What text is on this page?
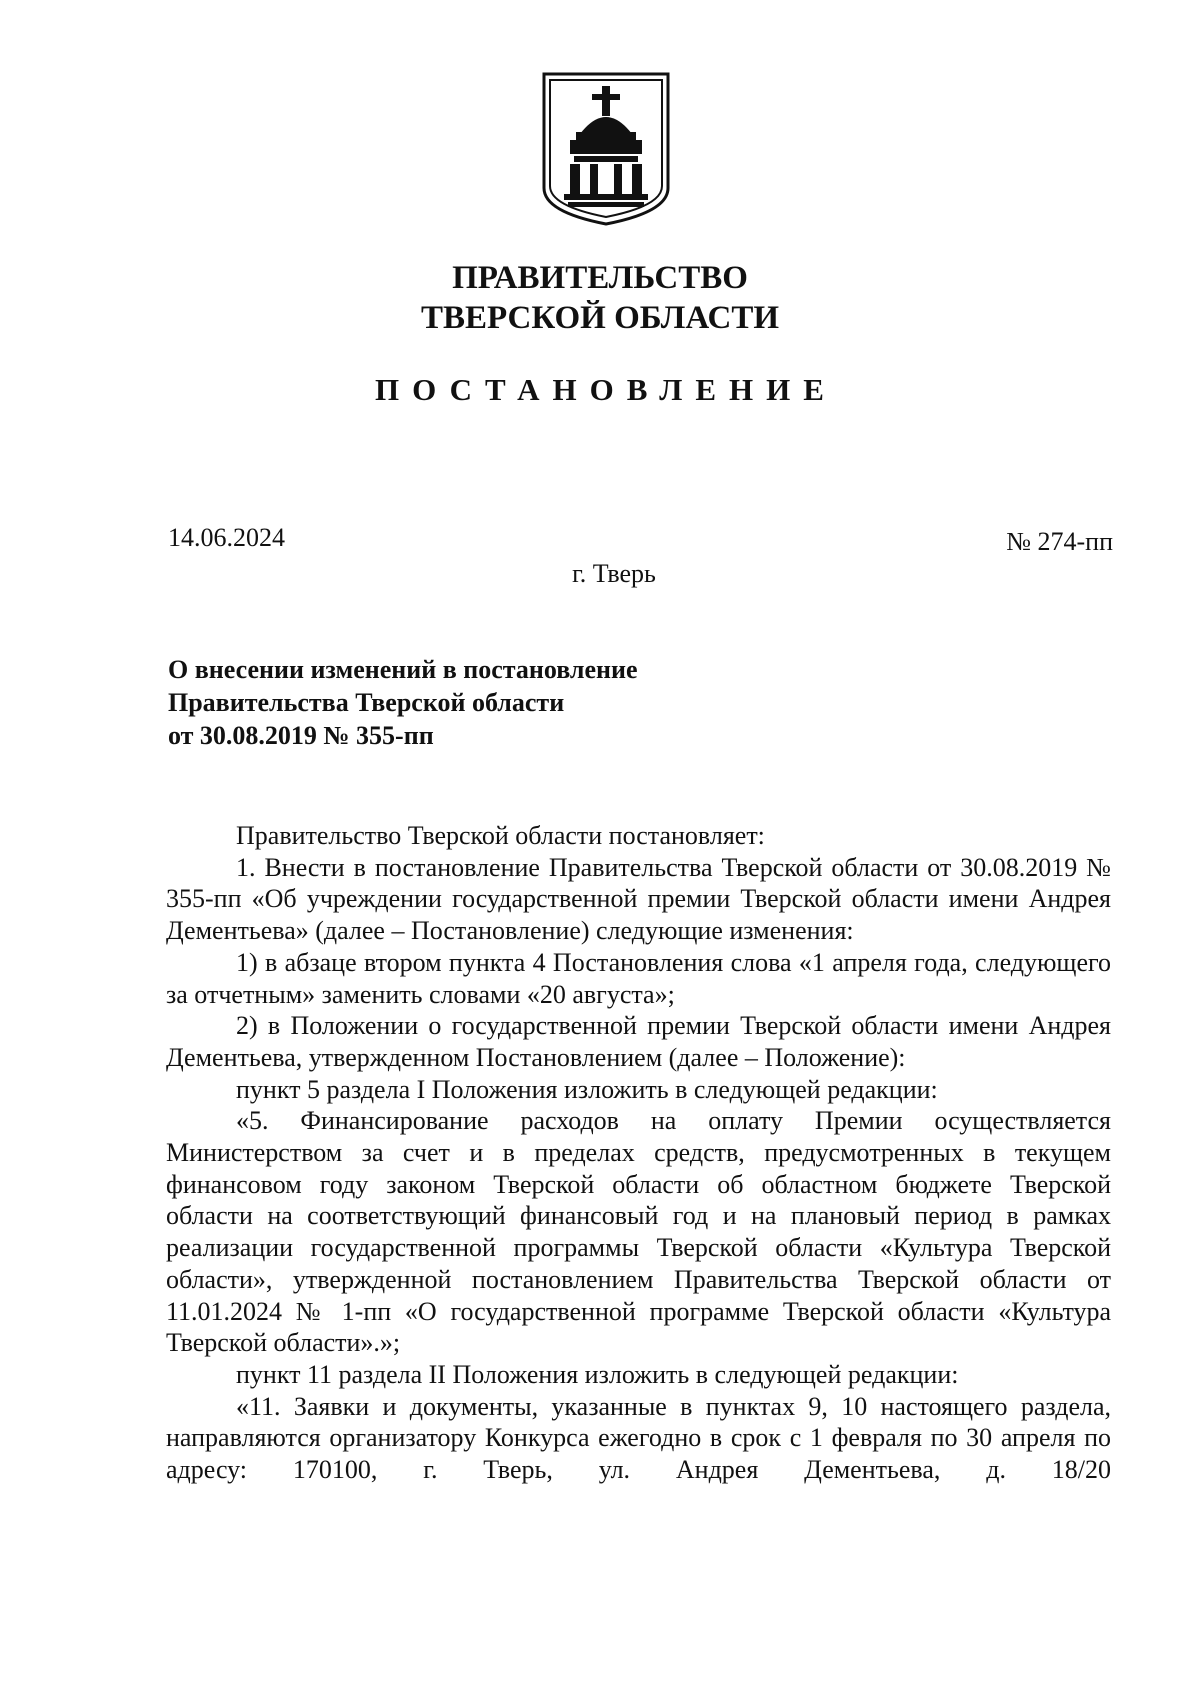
ПРАВИТЕЛЬСТВО
ТВЕРСКОЙ ОБЛАСТИ
ПОСТАНОВЛЕНИЕ
14.06.2024	№ 274-пп
г. Тверь
О внесении изменений в постановление
Правительства Тверской области
от 30.08.2019 № 355-пп

Правительство Тверской области постановляет:

1. Внести в постановление Правительства Тверской области от 30.08.2019 № 355-пп «Об учреждении государственной премии Тверской области имени Андрея Дементьева» (далее – Постановление) следующие изменения:

1) в абзаце втором пункта 4 Постановления слова «1 апреля года, следующего за отчетным» заменить словами «20 августа»;

2) в Положении о государственной премии Тверской области имени Андрея Дементьева, утвержденном Постановлением (далее – Положение):

пункт 5 раздела I Положения изложить в следующей редакции:

«5. Финансирование расходов на оплату Премии осуществляется Министерством за счет и в пределах средств, предусмотренных в текущем финансовом году законом Тверской области об областном бюджете Тверской области на соответствующий финансовый год и на плановый период в рамках реализации государственной программы Тверской области «Культура Тверской области», утвержденной постановлением Правительства Тверской области от 11.01.2024 № 1-пп «О государственной программе Тверской области «Культура Тверской области».»;

пункт 11 раздела II Положения изложить в следующей редакции:

«11. Заявки и документы, указанные в пунктах 9, 10 настоящего раздела, направляются организатору Конкурса ежегодно в срок с 1 февраля по 30 апреля по адресу: 170100, г. Тверь, ул. Андрея Дементьева, д. 18/20
